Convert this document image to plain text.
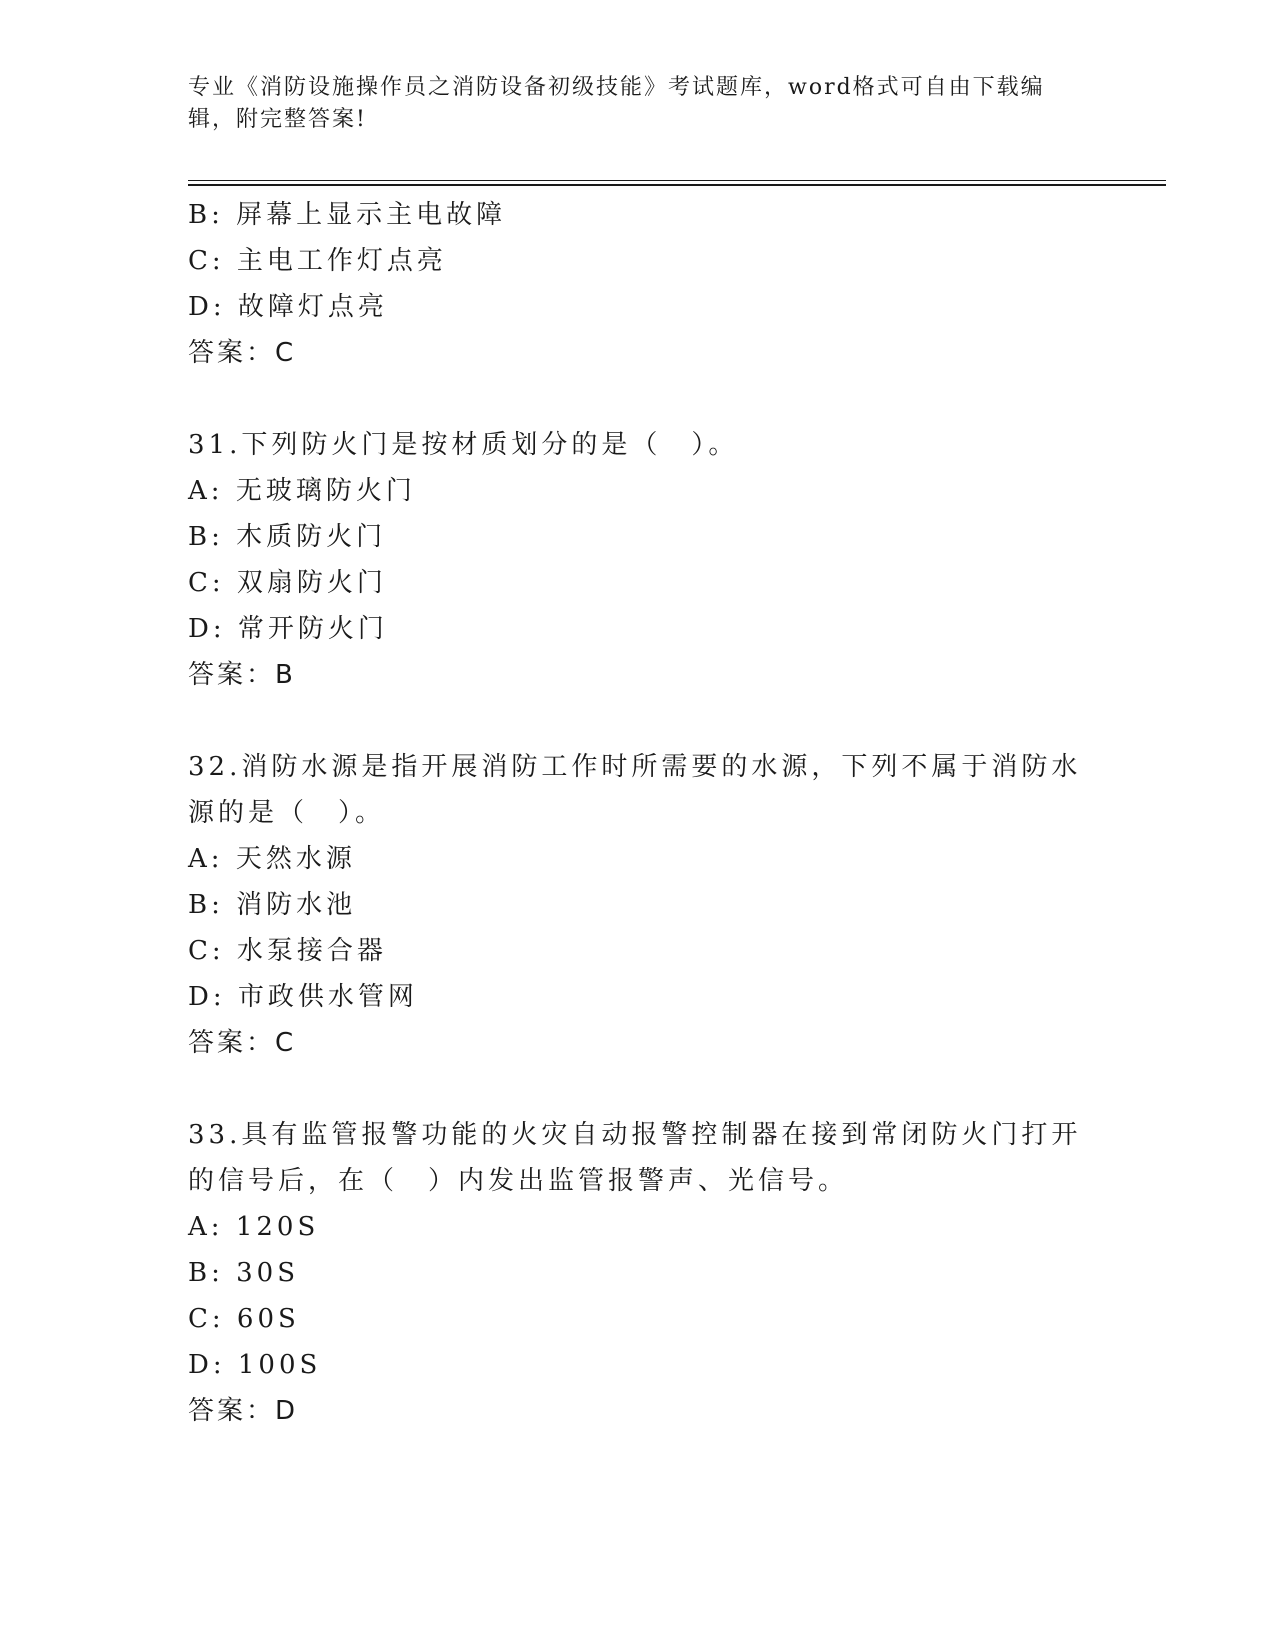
专业《消防设施操作员之消防设备初级技能》考试题库，word格式可自由下载编辑，附完整答案!
B: 屏幕上显示主电故障
C: 主电工作灯点亮
D: 故障灯点亮
答案：C
31.下列防火门是按材质划分的是（　）。
A: 无玻璃防火门
B: 木质防火门
C: 双扇防火门
D: 常开防火门
答案：B
32.消防水源是指开展消防工作时所需要的水源，下列不属于消防水源的是（　）。
A: 天然水源
B: 消防水池
C: 水泵接合器
D: 市政供水管网
答案：C
33.具有监管报警功能的火灾自动报警控制器在接到常闭防火门打开的信号后，在（　）内发出监管报警声、光信号。
A: 120S
B: 30S
C: 60S
D: 100S
答案：D
